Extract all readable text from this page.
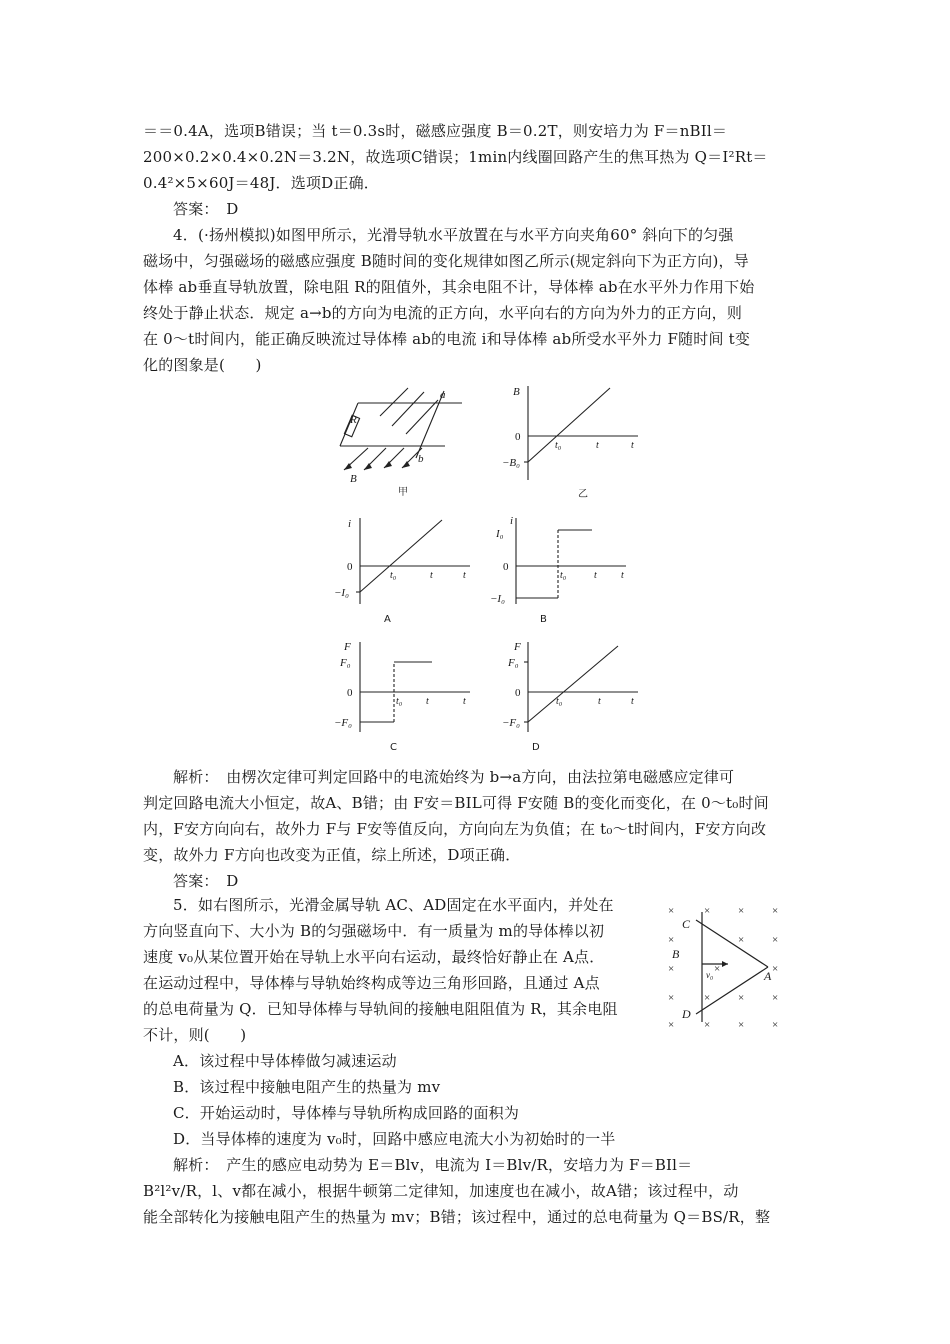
＝＝0.4A，选项B错误；当 t＝0.3s时，磁感应强度 B＝0.2T，则安培力为 F＝nBIl＝
200×0.2×0.4×0.2N＝3.2N，故选项C错误；1min内线圈回路产生的焦耳热为 Q＝I²Rt＝
0.4²×5×60J＝48J．选项D正确．
答案：　D
4．(·扬州模拟)如图甲所示，光滑导轨水平放置在与水平方向夹角60° 斜向下的匀强
磁场中，匀强磁场的磁感应强度 B随时间的变化规律如图乙所示(规定斜向下为正方向)，导
体棒 ab垂直导轨放置，除电阻 R的阻值外，其余电阻不计，导体棒 ab在水平外力作用下始
终处于静止状态．规定 a→b的方向为电流的正方向，水平向右的方向为外力的正方向，则
在 0～t时间内，能正确反映流过导体棒 ab的电流 i和导体棒 ab所受水平外力 F随时间 t变
化的图象是(　　)
R
a
b
B
甲
B
0
−B₀
t₀	t	t
乙
i
0
−I₀
t₀	t	t
A
i
I₀
0
−I₀
t₀	t t
B
F
F₀
0
−F₀
t₀ t	t
C
F
F₀
0
−F₀
t₀	t	t
D
解析：　由楞次定律可判定回路中的电流始终为 b→a方向，由法拉第电磁感应定律可
判定回路电流大小恒定，故A、B错；由 F安＝BIL可得 F安随 B的变化而变化，在 0～t₀时间
内，F安方向向右，故外力 F与 F安等值反向，方向向左为负值；在 t₀～t时间内，F安方向改
变，故外力 F方向也改变为正值，综上所述，D项正确．
答案：　D
5．如右图所示，光滑金属导轨 AC、AD固定在水平面内，并处在
方向竖直向下、大小为 B的匀强磁场中．有一质量为 m的导体棒以初
速度 v₀从某位置开始在导轨上水平向右运动，最终恰好静止在 A点．
在运动过程中，导体棒与导轨始终构成等边三角形回路，且通过 A点
的总电荷量为 Q．已知导体棒与导轨间的接触电阻阻值为 R，其余电阻
不计，则(　　)
×	×	×	×
×	×	×
×
×	×
×
×
×
×	×	×	×
×
C
B
D
A
v₀
A．该过程中导体棒做匀减速运动
B．该过程中接触电阻产生的热量为 mv
C．开始运动时，导体棒与导轨所构成回路的面积为
D．当导体棒的速度为 v₀时，回路中感应电流大小为初始时的一半
解析：　产生的感应电动势为 E＝Blv，电流为 I＝Blv/R，安培力为 F＝BIl＝
B²l²v/R，l、v都在减小，根据牛顿第二定律知，加速度也在减小，故A错；该过程中，动
能全部转化为接触电阻产生的热量为 mv；B错；该过程中，通过的总电荷量为 Q＝BS/R，整
